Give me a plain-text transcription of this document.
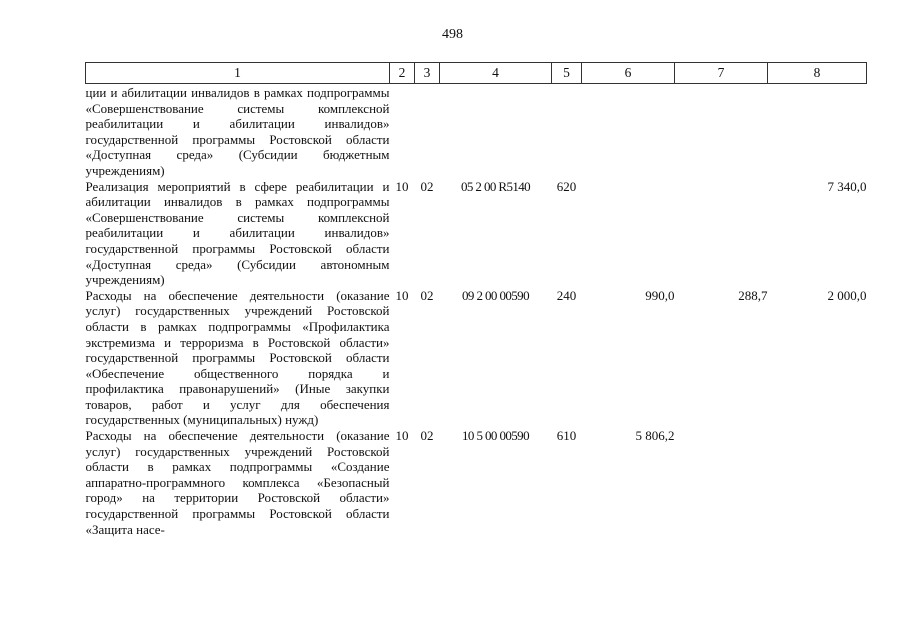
498
1	2	3	4	5	6	7	8
ции и абилитации инвалидов в рамках подпрограммы «Совершенствование системы комплексной реабилитации и абилитации инвалидов» государственной программы Ростовской области «Доступная среда» (Субсидии бюджетным учреждениям)							
Реализация мероприятий в сфере реабилитации и абилитации инвалидов в рамках подпрограммы «Совершенствование системы комплексной реабилитации и абилитации инвалидов» государственной программы Ростовской области «Доступная среда» (Субсидии автономным учреждениям)	10	02	05 2 00 R5140	620			7 340,0
Расходы на обеспечение деятельности (оказание услуг) государственных учреждений Ростовской области в рамках подпрограммы «Профилактика экстремизма и терроризма в Ростовской области» государственной программы Ростовской области «Обеспечение общественного порядка и профилактика правонарушений» (Иные закупки товаров, работ и услуг для обеспечения государственных (муниципальных) нужд)	10	02	09 2 00 00590	240	990,0	288,7	2 000,0
Расходы на обеспечение деятельности (оказание услуг) государственных учреждений Ростовской области в рамках подпрограммы «Создание аппаратно-программного комплекса «Безопасный город» на территории Ростовской области» государственной программы Ростовской области «Защита насе-	10	02	10 5 00 00590	610	5 806,2		
